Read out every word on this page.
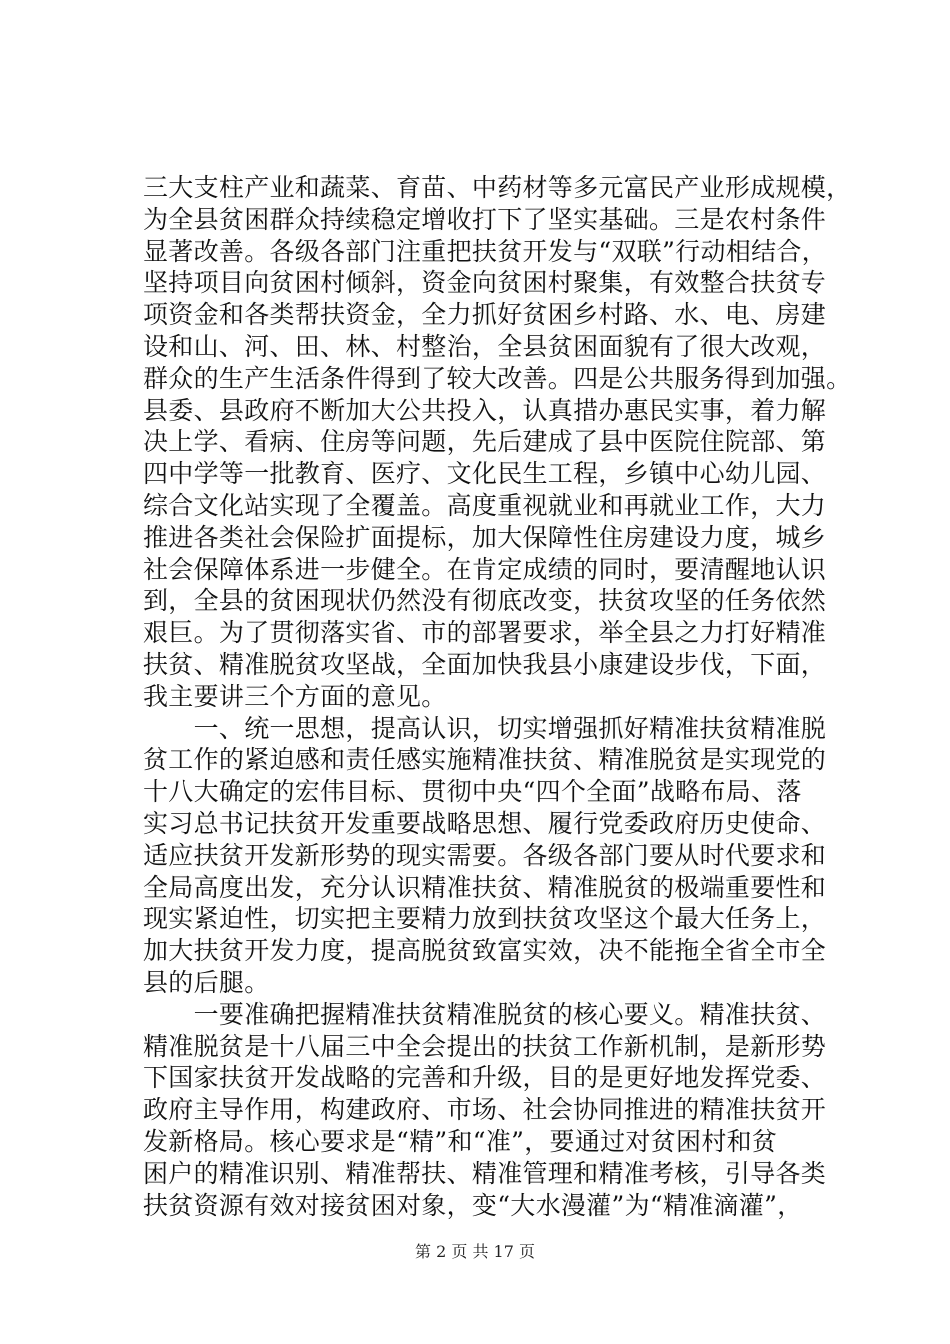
三大支柱产业和蔬菜、育苗、中药材等多元富民产业形成规模，
为全县贫困群众持续稳定增收打下了坚实基础。三是农村条件
显著改善。各级各部门注重把扶贫开发与“双联”行动相结合，
坚持项目向贫困村倾斜，资金向贫困村聚集，有效整合扶贫专
项资金和各类帮扶资金，全力抓好贫困乡村路、水、电、房建
设和山、河、田、林、村整治，全县贫困面貌有了很大改观，
群众的生产生活条件得到了较大改善。四是公共服务得到加强。
县委、县政府不断加大公共投入，认真措办惠民实事，着力解
决上学、看病、住房等问题，先后建成了县中医院住院部、第
四中学等一批教育、医疗、文化民生工程，乡镇中心幼儿园、
综合文化站实现了全覆盖。高度重视就业和再就业工作，大力
推进各类社会保险扩面提标，加大保障性住房建设力度，城乡
社会保障体系进一步健全。在肯定成绩的同时，要清醒地认识
到，全县的贫困现状仍然没有彻底改变，扶贫攻坚的任务依然
艰巨。为了贯彻落实省、市的部署要求，举全县之力打好精准
扶贫、精准脱贫攻坚战，全面加快我县小康建设步伐，下面，
我主要讲三个方面的意见。
　　一、统一思想，提高认识，切实增强抓好精准扶贫精准脱
贫工作的紧迫感和责任感实施精准扶贫、精准脱贫是实现党的
十八大确定的宏伟目标、贯彻中央“四个全面”战略布局、落
实习总书记扶贫开发重要战略思想、履行党委政府历史使命、
适应扶贫开发新形势的现实需要。各级各部门要从时代要求和
全局高度出发，充分认识精准扶贫、精准脱贫的极端重要性和
现实紧迫性，切实把主要精力放到扶贫攻坚这个最大任务上，
加大扶贫开发力度，提高脱贫致富实效，决不能拖全省全市全
县的后腿。
　　一要准确把握精准扶贫精准脱贫的核心要义。精准扶贫、
精准脱贫是十八届三中全会提出的扶贫工作新机制，是新形势
下国家扶贫开发战略的完善和升级，目的是更好地发挥党委、
政府主导作用，构建政府、市场、社会协同推进的精准扶贫开
发新格局。核心要求是“精”和“准”，要通过对贫困村和贫
困户的精准识别、精准帮扶、精准管理和精准考核，引导各类
扶贫资源有效对接贫困对象，变“大水漫灌”为“精准滴灌”，
第 2 页 共 17 页
